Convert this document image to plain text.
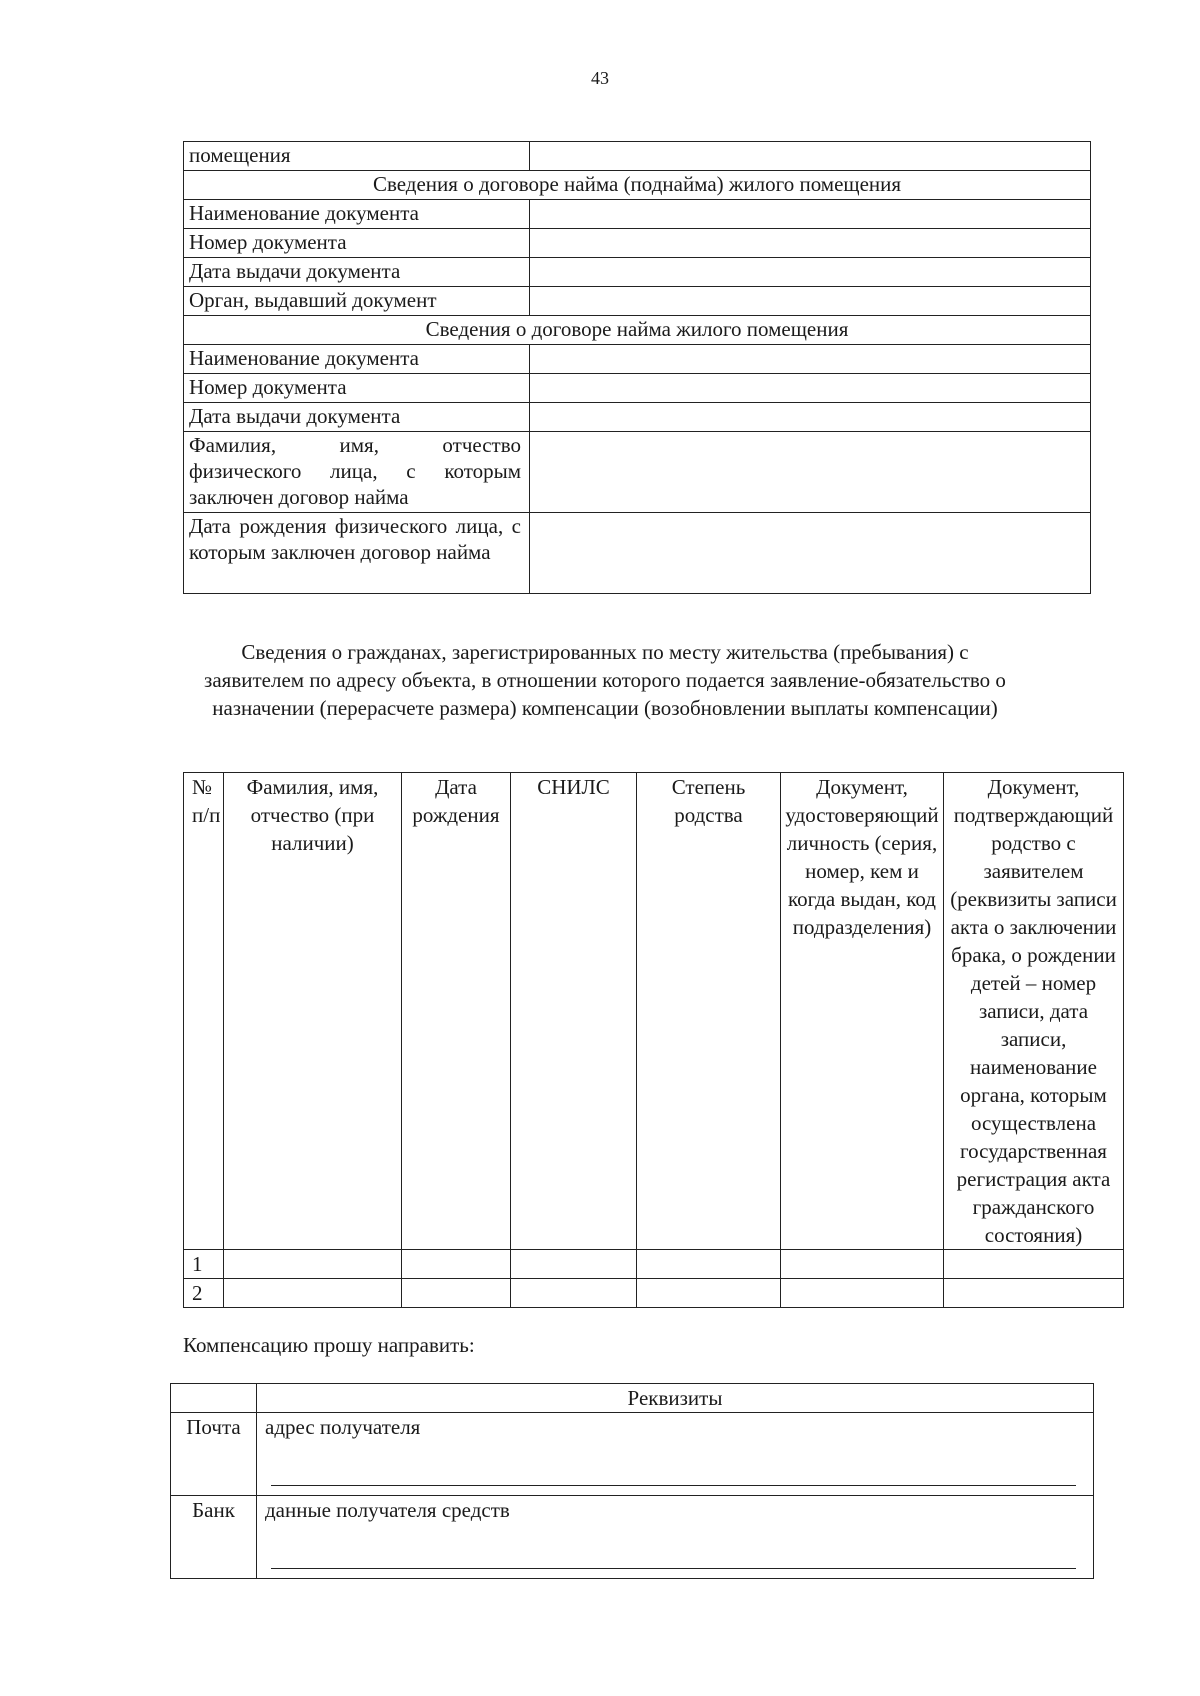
43
помещения	
Сведения о договоре найма (поднайма) жилого помещения	
Наименование документа	
Номер документа	
Дата выдачи документа	
Орган, выдавший документ	
Сведения о договоре найма жилого помещения	
Наименование документа	
Номер документа	
Дата выдачи документа	
Фамилия, имя, отчество физического лица, с которым заключен договор найма	
Дата рождения физического лица, с которым заключен договор найма	
Сведения о гражданах, зарегистрированных по месту жительства (пребывания) с заявителем по адресу объекта, в отношении которого подается заявление-обязательство о назначении (перерасчете размера) компенсации (возобновлении выплаты компенсации)
№ п/п	Фамилия, имя, отчество (при наличии)	Дата рождения	СНИЛС	Степень родства	Документ, удостоверяющий личность (серия, номер, кем и когда выдан, код подразделения)	Документ, подтверждающий родство с заявителем (реквизиты записи акта о заключении брака, о рождении детей – номер записи, дата записи, наименование органа, которым осуществлена государственная регистрация акта гражданского состояния)
1						
2						
Компенсацию прошу направить:
	Реквизиты
Почта	адрес получателя

Банк	данные получателя средств
